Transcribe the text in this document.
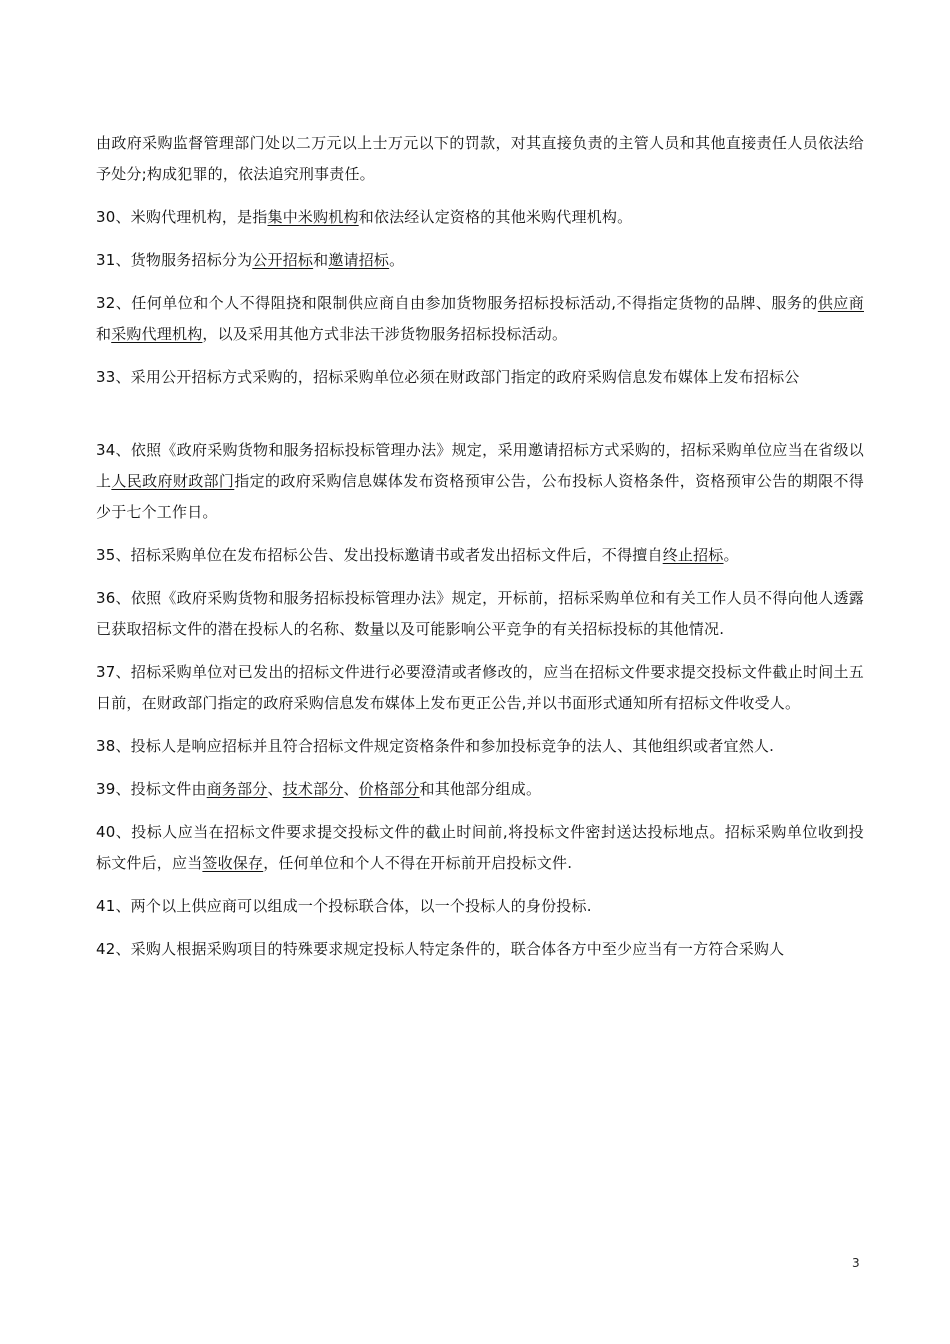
由政府采购监督管理部门处以二万元以上士万元以下的罚款，对其直接负责的主管人员和其他直接责任人员依法给予处分;构成犯罪的，依法追究刑事责任。

30、米购代理机构，是指集中米购机构和依法经认定资格的其他米购代理机构。

31、货物服务招标分为公开招标和邀请招标。

32、任何单位和个人不得阻挠和限制供应商自由参加货物服务招标投标活动,不得指定货物的品牌、服务的供应商和采购代理机构，以及采用其他方式非法干涉货物服务招标投标活动。

33、采用公开招标方式采购的，招标采购单位必须在财政部门指定的政府采购信息发布媒体上发布招标公

34、依照《政府采购货物和服务招标投标管理办法》规定，采用邀请招标方式采购的，招标采购单位应当在省级以上人民政府财政部门指定的政府采购信息媒体发布资格预审公告，公布投标人资格条件，资格预审公告的期限不得少于七个工作日。

35、招标采购单位在发布招标公告、发出投标邀请书或者发出招标文件后，不得擅自终止招标。

36、依照《政府采购货物和服务招标投标管理办法》规定，开标前，招标采购单位和有关工作人员不得向他人透露已获取招标文件的潜在投标人的名称、数量以及可能影响公平竞争的有关招标投标的其他情况.

37、招标采购单位对已发出的招标文件进行必要澄清或者修改的，应当在招标文件要求提交投标文件截止时间土五日前，在财政部门指定的政府采购信息发布媒体上发布更正公告,并以书面形式通知所有招标文件收受人。

38、投标人是响应招标并且符合招标文件规定资格条件和参加投标竞争的法人、其他组织或者宜然人.

39、投标文件由商务部分、技术部分、价格部分和其他部分组成。

40、投标人应当在招标文件要求提交投标文件的截止时间前,将投标文件密封送达投标地点。招标采购单位收到投标文件后，应当签收保存，任何单位和个人不得在开标前开启投标文件.

41、两个以上供应商可以组成一个投标联合体，以一个投标人的身份投标.

42、采购人根据采购项目的特殊要求规定投标人特定条件的，联合体各方中至少应当有一方符合采购人

3
